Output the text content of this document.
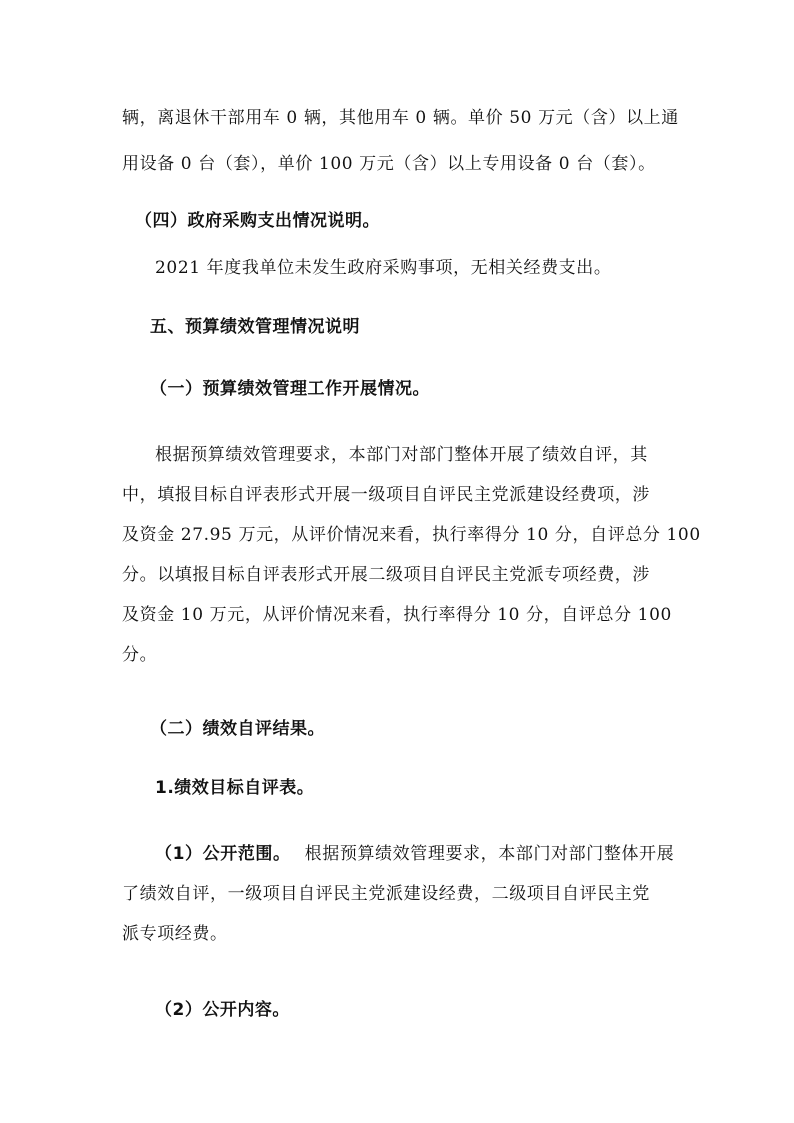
辆，离退休干部用车 0 辆，其他用车 0 辆。单价 50 万元（含）以上通
用设备 0 台（套），单价 100 万元（含）以上专用设备 0 台（套）。
（四）政府采购支出情况说明。
2021 年度我单位未发生政府采购事项，无相关经费支出。
五、预算绩效管理情况说明
（一）预算绩效管理工作开展情况。
根据预算绩效管理要求，本部门对部门整体开展了绩效自评，其
中，填报目标自评表形式开展一级项目自评民主党派建设经费项，涉
及资金 27.95 万元，从评价情况来看，执行率得分 10 分，自评总分 100
分。以填报目标自评表形式开展二级项目自评民主党派专项经费，涉
及资金 10 万元，从评价情况来看，执行率得分 10 分，自评总分 100
分。
（二）绩效自评结果。
1.绩效目标自评表。
（1）公开范围。 根据预算绩效管理要求，本部门对部门整体开展
了绩效自评，一级项目自评民主党派建设经费，二级项目自评民主党
派专项经费。
（2）公开内容。
